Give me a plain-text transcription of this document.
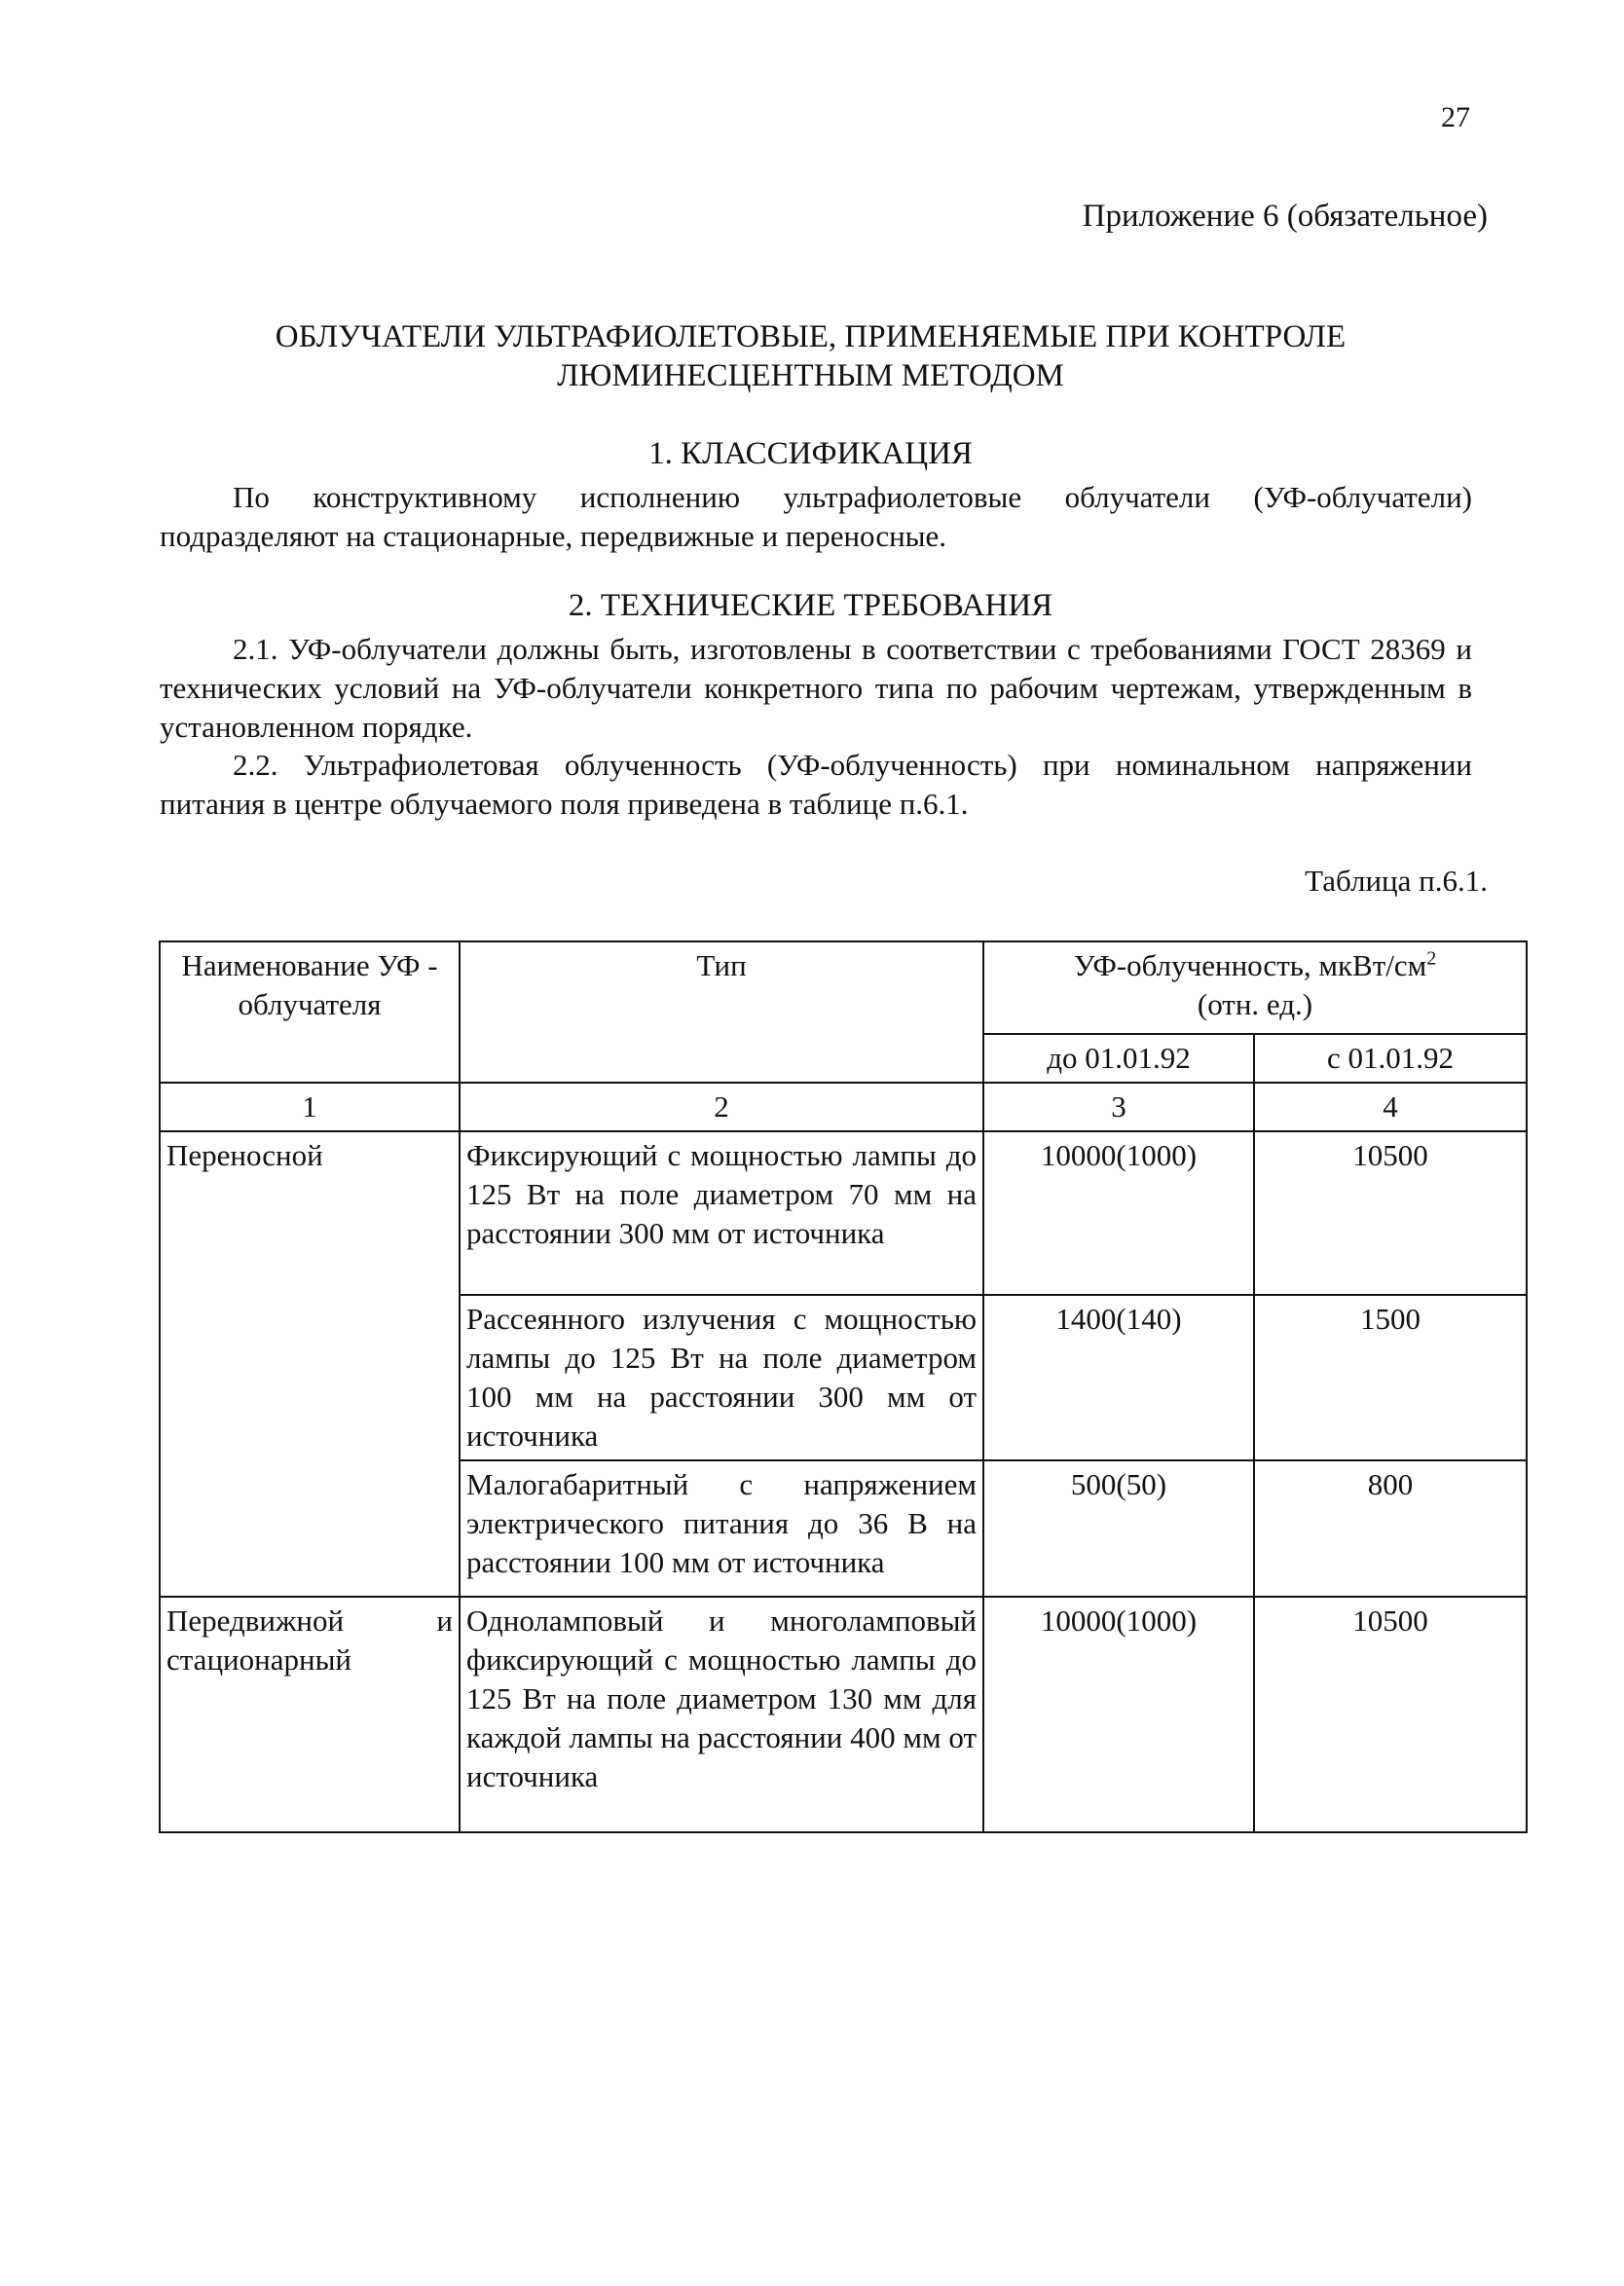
27
Приложение 6 (обязательное)
ОБЛУЧАТЕЛИ УЛЬТРАФИОЛЕТОВЫЕ, ПРИМЕНЯЕМЫЕ ПРИ КОНТРОЛЕ
ЛЮМИНЕСЦЕНТНЫМ МЕТОДОМ
1. КЛАССИФИКАЦИЯ
По конструктивному исполнению ультрафиолетовые облучатели (УФ-облучатели) подразделяют на стационарные, передвижные и переносные.
2. ТЕХНИЧЕСКИЕ ТРЕБОВАНИЯ
2.1. УФ-облучатели должны быть, изготовлены в соответствии с требованиями ГОСТ 28369 и технических условий на УФ-облучатели конкретного типа по рабочим чертежам, утвержденным в установленном порядке.
2.2. Ультрафиолетовая облученность (УФ-облученность) при номинальном напряжении питания в центре облучаемого поля приведена в таблице п.6.1.
Таблица п.6.1.
Наименование УФ - облучателя	Тип	УФ-облученность, мкВт/$см^2$
(отн. ед.)	
		до 01.01.92	с 01.01.92
1	2	3	4
Переносной	Фиксирующий с мощностью лампы до 125 Вт на поле диаметром 70 мм на расстоянии 300 мм от источника	10000(1000)	10500
	Рассеянного излучения с мощностью лампы до 125 Вт на поле диаметром 100 мм на расстоянии 300 мм от источника	1400(140)	1500
	Малогабаритный с напряжением электрического питания до 36 В на расстоянии 100 мм от источника	500(50)	800
Передвижной и стационарный	Одноламповый и многоламповый фиксирующий с мощностью лампы до 125 Вт на поле диаметром 130 мм для каждой лампы на расстоянии 400 мм от источника	10000(1000)	10500
